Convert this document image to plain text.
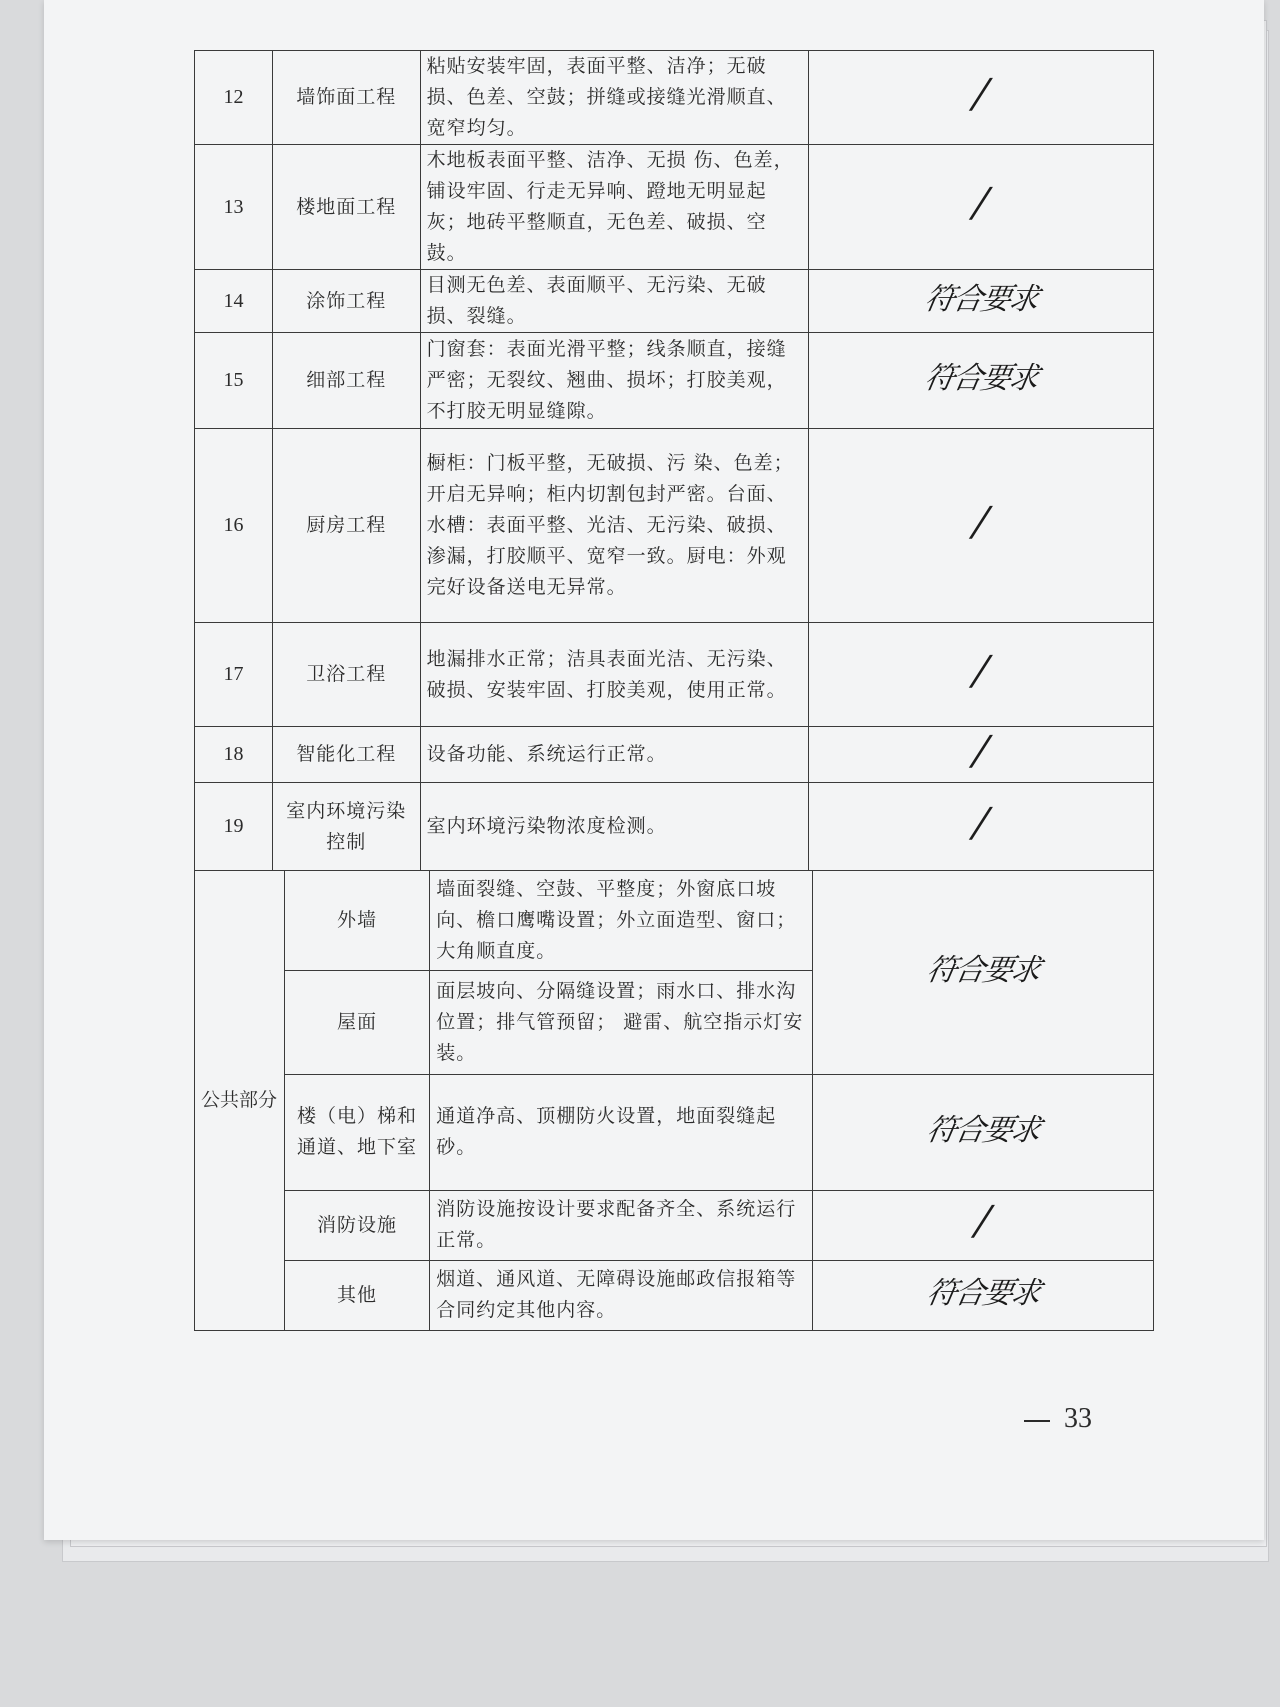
12	墙饰面工程	粘贴安装牢固，表面平整、洁净；无破损、色差、空鼓；拼缝或接缝光滑顺直、宽窄均匀。	/
13	楼地面工程	木地板表面平整、洁净、无损 伤、色差，铺设牢固、行走无异响、蹬地无明显起灰；地砖平整顺直，无色差、破损、空鼓。	/
14	涂饰工程	目测无色差、表面顺平、无污染、无破损、裂缝。	符合要求
15	细部工程	门窗套：表面光滑平整；线条顺直，接缝严密；无裂纹、翘曲、损坏；打胶美观，不打胶无明显缝隙。	符合要求
16	厨房工程	橱柜：门板平整，无破损、污 染、色差；开启无异响；柜内切割包封严密。台面、水槽：表面平整、光洁、无污染、破损、渗漏，打胶顺平、宽窄一致。厨电：外观完好设备送电无异常。	/
17	卫浴工程	地漏排水正常；洁具表面光洁、无污染、破损、安装牢固、打胶美观，使用正常。	/
18	智能化工程	设备功能、系统运行正常。	/
19	室内环境污染控制	室内环境污染物浓度检测。	/
公共部分	外墙	墙面裂缝、空鼓、平整度；外窗底口坡向、檐口鹰嘴设置；外立面造型、窗口；大角顺直度。	符合要求
	屋面	面层坡向、分隔缝设置；雨水口、排水沟位置；排气管预留； 避雷、航空指示灯安装。	
	楼（电）梯和通道、地下室	通道净高、顶棚防火设置，地面裂缝起砂。	符合要求
	消防设施	消防设施按设计要求配备齐全、系统运行正常。	/
	其他	烟道、通风道、无障碍设施邮政信报箱等合同约定其他内容。	符合要求
33
